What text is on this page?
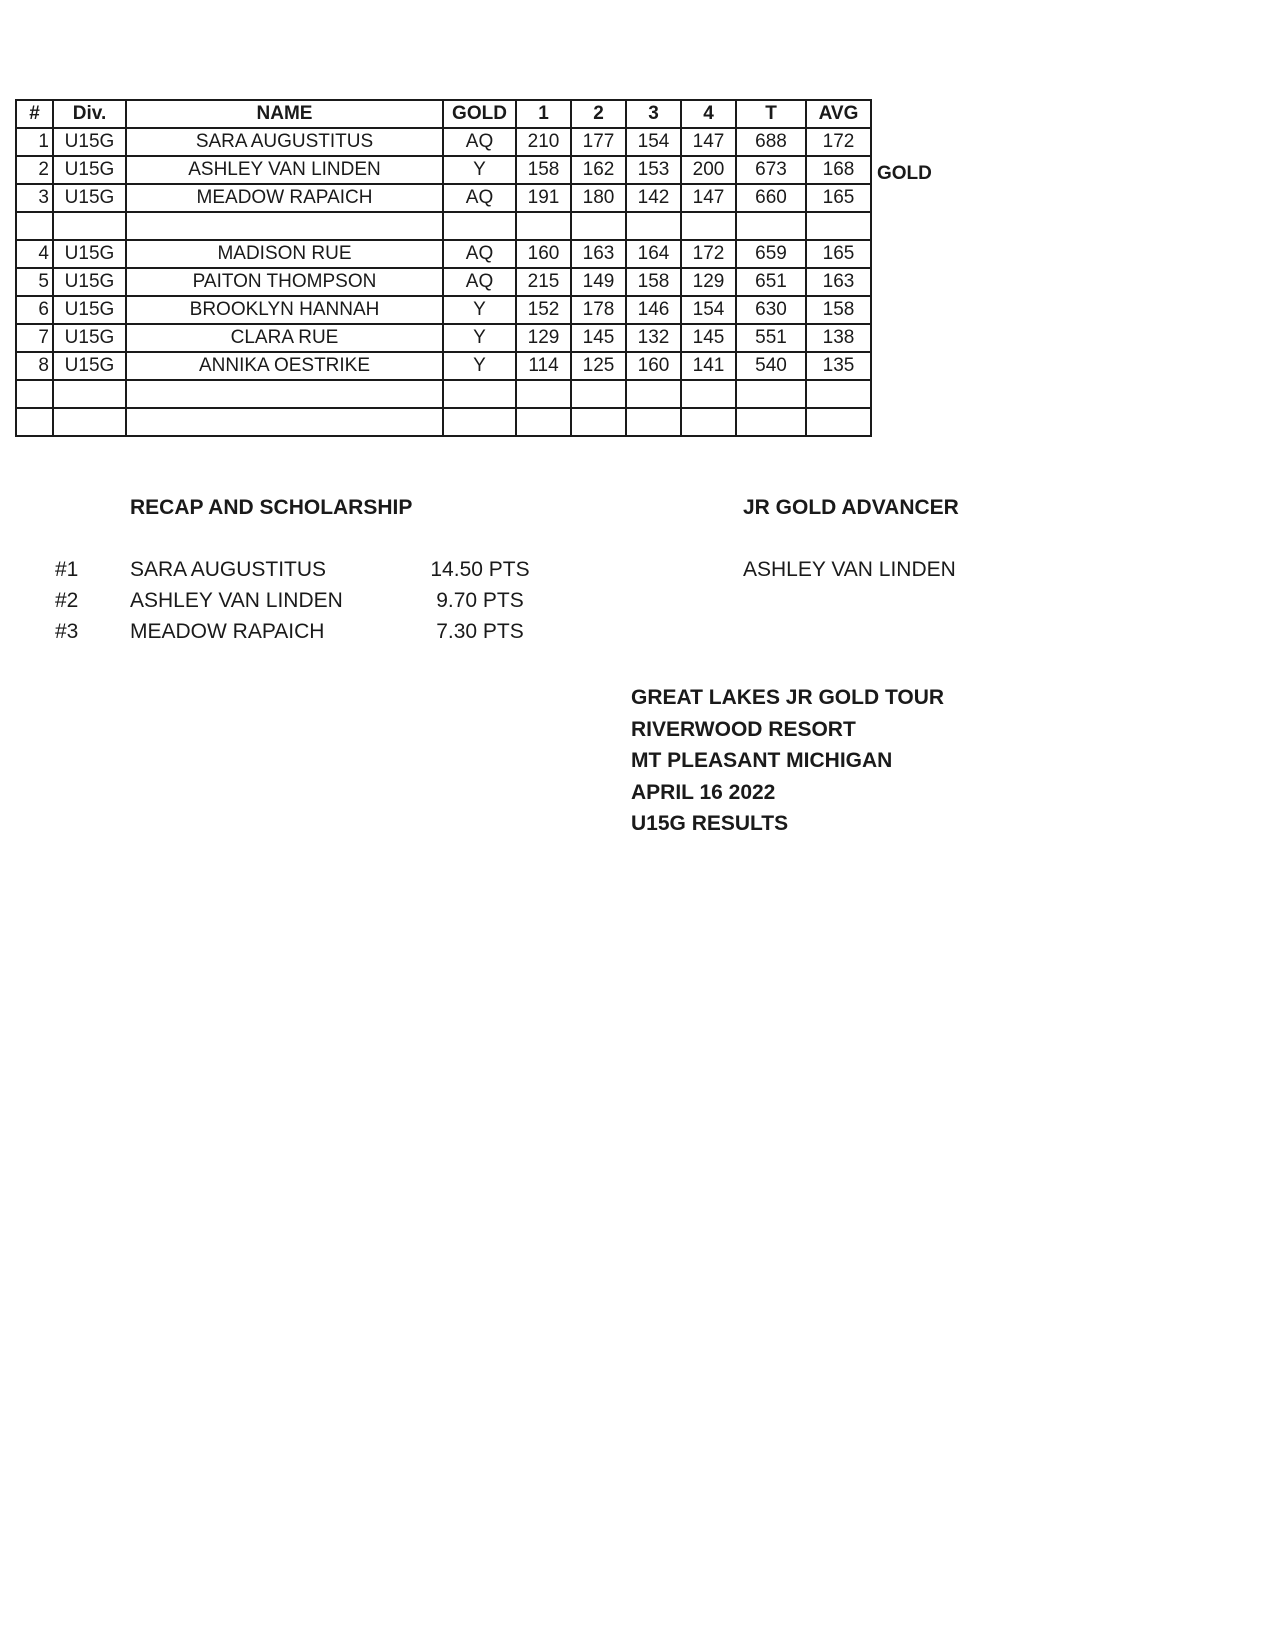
#	Div.	NAME	GOLD	1	2	3	4	T	AVG
1	U15G	SARA AUGUSTITUS	AQ	210	177	154	147	688	172
2	U15G	ASHLEY VAN LINDEN	Y	158	162	153	200	673	168
3	U15G	MEADOW RAPAICH	AQ	191	180	142	147	660	165

4	U15G	MADISON RUE	AQ	160	163	164	172	659	165
5	U15G	PAITON THOMPSON	AQ	215	149	158	129	651	163
6	U15G	BROOKLYN HANNAH	Y	152	178	146	154	630	158
7	U15G	CLARA RUE	Y	129	145	132	145	551	138
8	U15G	ANNIKA OESTRIKE	Y	114	125	160	141	540	135

GOLD
RECAP AND SCHOLARSHIP
#1 SARA AUGUSTITUS	14.50 PTS
#2 ASHLEY VAN LINDEN	9.70 PTS
#3 MEADOW RAPAICH	7.30 PTS
JR GOLD ADVANCER
ASHLEY VAN LINDEN
GREAT LAKES JR GOLD TOUR
RIVERWOOD RESORT
MT PLEASANT MICHIGAN
APRIL 16 2022
U15G RESULTS
